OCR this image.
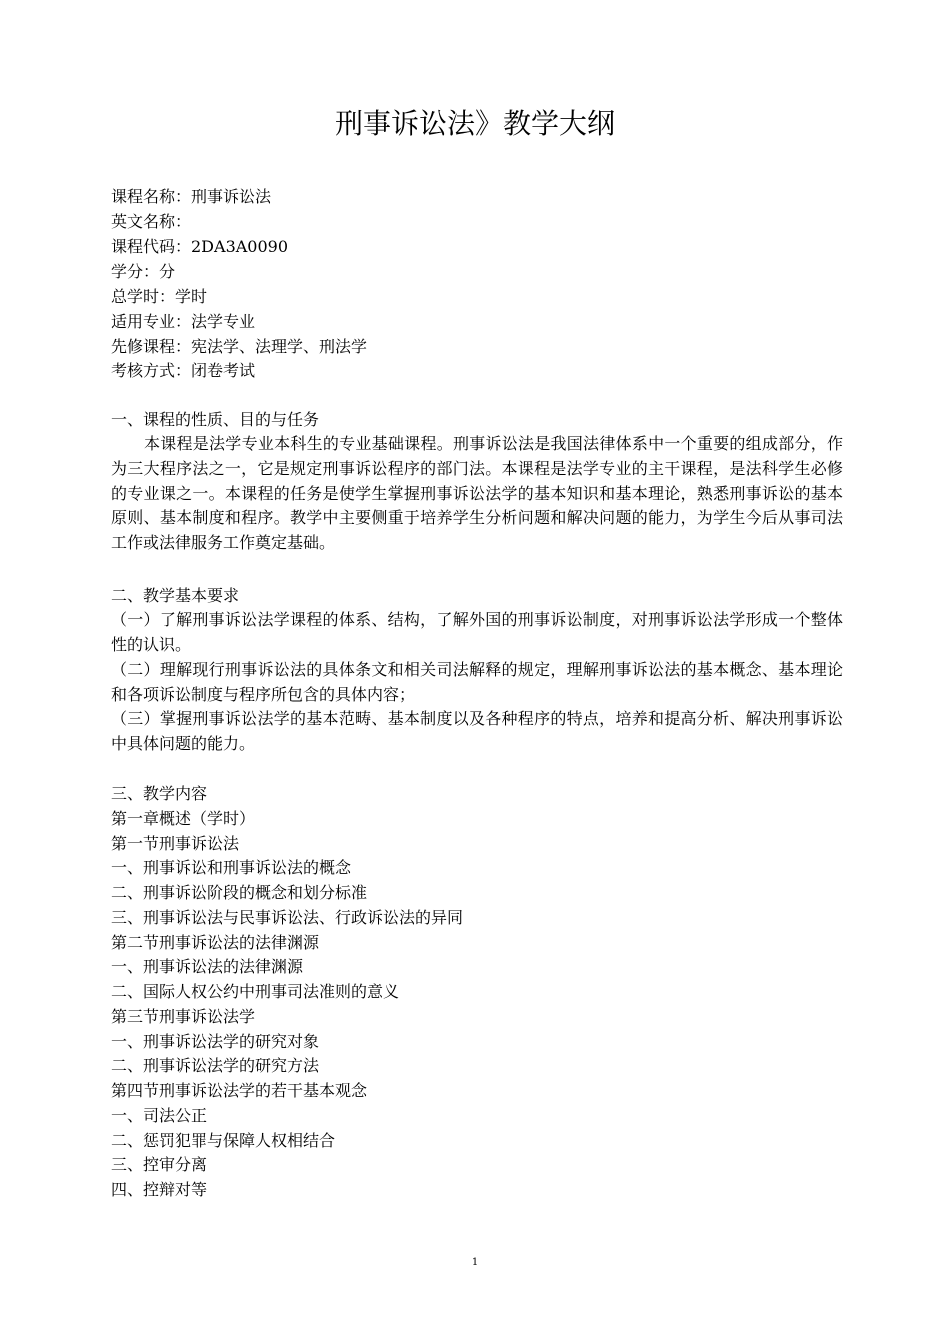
刑事诉讼法》教学大纲
课程名称：刑事诉讼法
英文名称：
课程代码：2DA3A0090
学分：分
总学时：学时
适用专业：法学专业
先修课程：宪法学、法理学、刑法学
考核方式：闭卷考试
一、课程的性质、目的与任务
本课程是法学专业本科生的专业基础课程。刑事诉讼法是我国法律体系中一个重要的组成部分，作为三大程序法之一，它是规定刑事诉讼程序的部门法。本课程是法学专业的主干课程，是法科学生必修的专业课之一。本课程的任务是使学生掌握刑事诉讼法学的基本知识和基本理论，熟悉刑事诉讼的基本原则、基本制度和程序。教学中主要侧重于培养学生分析问题和解决问题的能力，为学生今后从事司法工作或法律服务工作奠定基础。
二、教学基本要求
（一）了解刑事诉讼法学课程的体系、结构，了解外国的刑事诉讼制度，对刑事诉讼法学形成一个整体性的认识。
（二）理解现行刑事诉讼法的具体条文和相关司法解释的规定，理解刑事诉讼法的基本概念、基本理论和各项诉讼制度与程序所包含的具体内容；
（三）掌握刑事诉讼法学的基本范畴、基本制度以及各种程序的特点，培养和提高分析、解决刑事诉讼中具体问题的能力。
三、教学内容
第一章概述（学时）
第一节刑事诉讼法
一、刑事诉讼和刑事诉讼法的概念
二、刑事诉讼阶段的概念和划分标准
三、刑事诉讼法与民事诉讼法、行政诉讼法的异同
第二节刑事诉讼法的法律渊源
一、刑事诉讼法的法律渊源
二、国际人权公约中刑事司法准则的意义
第三节刑事诉讼法学
一、刑事诉讼法学的研究对象
二、刑事诉讼法学的研究方法
第四节刑事诉讼法学的若干基本观念
一、司法公正
二、惩罚犯罪与保障人权相结合
三、控审分离
四、控辩对等
1
